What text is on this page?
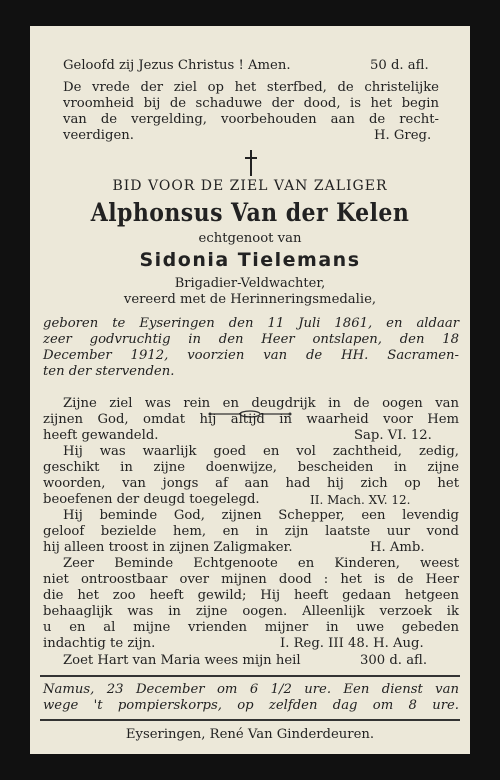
Geloofd zij Jezus Christus ! Amen.	50 d. afl.
De vrede der ziel op het sterfbed, de christelijke
vroomheid bij de schaduwe der dood, is het begin
van de vergelding, voorbehouden aan de recht-
veerdigen.	H. Greg.
BID VOOR DE ZIEL VAN ZALIGER
Alphonsus Van der Kelen
echtgenoot van
Sidonia Tielemans
Brigadier-Veldwachter,
vereerd met de Herinneringsmedalie,
geboren te Eyseringen den 11 Juli 1861, en aldaar
zeer godvruchtig in den Heer ontslapen, den 18
December 1912, voorzien van de HH. Sacramen-
ten der stervenden.
Zijne ziel was rein en deugdrijk in de oogen van
zijnen God, omdat hij altijd in waarheid voor Hem
heeft gewandeld.	Sap. VI. 12.
Hij was waarlijk goed en vol zachtheid, zedig,
geschikt in zijne doenwijze, bescheiden in zijne
woorden, van jongs af aan had hij zich op het
beoefenen der deugd toegelegd.	II. Mach. XV. 12.
Hij beminde God, zijnen Schepper, een levendig
geloof bezielde hem, en in zijn laatste uur vond
hij alleen troost in zijnen Zaligmaker.	H. Amb.
Zeer Beminde Echtgenoote en Kinderen, weest
niet ontroostbaar over mijnen dood : het is de Heer
die het zoo heeft gewild; Hij heeft gedaan hetgeen
behaaglijk was in zijne oogen. Alleenlijk verzoek ik
u en al mijne vrienden mijner in uwe gebeden
indachtig te zijn.	I. Reg. III 48. H. Aug.
Zoet Hart van Maria wees mijn heil	300 d. afl.
Namus, 23 December om 6 1/2 ure. Een dienst van
wege 't pompierskorps, op zelfden dag om 8 ure.
Eyseringen, René Van Ginderdeuren.
